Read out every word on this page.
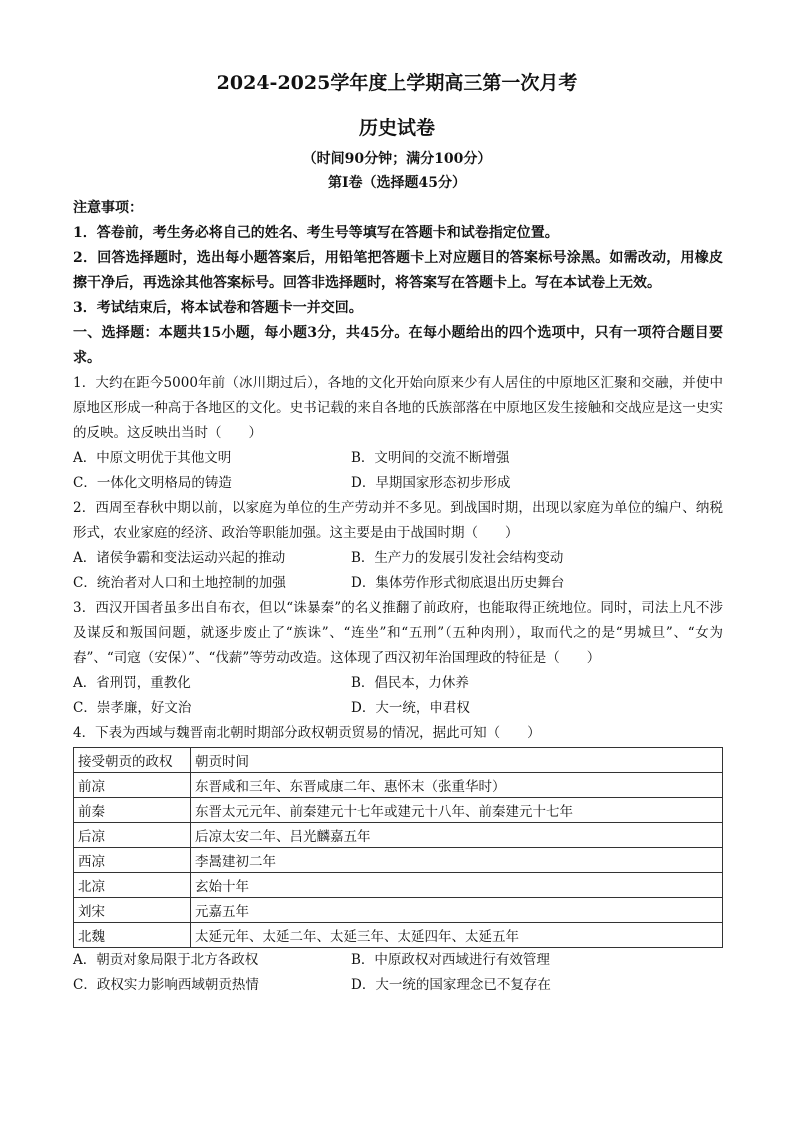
2024-2025学年度上学期高三第一次月考
历史试卷
（时间90分钟；满分100分）
第Ⅰ卷（选择题45分）
注意事项：
1．答卷前，考生务必将自己的姓名、考生号等填写在答题卡和试卷指定位置。
2．回答选择题时，选出每小题答案后，用铅笔把答题卡上对应题目的答案标号涂黑。如需改动，用橡皮擦干净后，再选涂其他答案标号。回答非选择题时，将答案写在答题卡上。写在本试卷上无效。
3．考试结束后，将本试卷和答题卡一并交回。
一、选择题：本题共15小题，每小题3分，共45分。在每小题给出的四个选项中，只有一项符合题目要求。
1．大约在距今5000年前（冰川期过后），各地的文化开始向原来少有人居住的中原地区汇聚和交融，并使中原地区形成一种高于各地区的文化。史书记载的来自各地的氏族部落在中原地区发生接触和交战应是这一史实的反映。这反映出当时（　　）
A．中原文明优于其他文明	B．文明间的交流不断增强
C．一体化文明格局的铸造	D．早期国家形态初步形成
2．西周至春秋中期以前，以家庭为单位的生产劳动并不多见。到战国时期，出现以家庭为单位的编户、纳税形式，农业家庭的经济、政治等职能加强。这主要是由于战国时期（　　）
A．诸侯争霸和变法运动兴起的推动	B．生产力的发展引发社会结构变动
C．统治者对人口和土地控制的加强	D．集体劳作形式彻底退出历史舞台
3．西汉开国者虽多出自布衣，但以“诛暴秦”的名义推翻了前政府，也能取得正统地位。同时，司法上凡不涉及谋反和叛国问题，就逐步废止了“族诛”、“连坐”和“五刑”（五种肉刑），取而代之的是“男城旦”、“女为舂”、“司寇（安保）”、“伐薪”等劳动改造。这体现了西汉初年治国理政的特征是（　　）
A．省刑罚，重教化	B．倡民本，力休养
C．崇孝廉，好文治	D．大一统，申君权
4．下表为西域与魏晋南北朝时期部分政权朝贡贸易的情况，据此可知（　　）
接受朝贡的政权	朝贡时间
前凉	东晋咸和三年、东晋咸康二年、惠怀末（张重华时）
前秦	东晋太元元年、前秦建元十七年或建元十八年、前秦建元十七年
后凉	后凉太安二年、吕光麟嘉五年
西凉	李暠建初二年
北凉	玄始十年
刘宋	元嘉五年
北魏	太延元年、太延二年、太延三年、太延四年、太延五年
A．朝贡对象局限于北方各政权	B．中原政权对西域进行有效管理
C．政权实力影响西域朝贡热情	D．大一统的国家理念已不复存在
